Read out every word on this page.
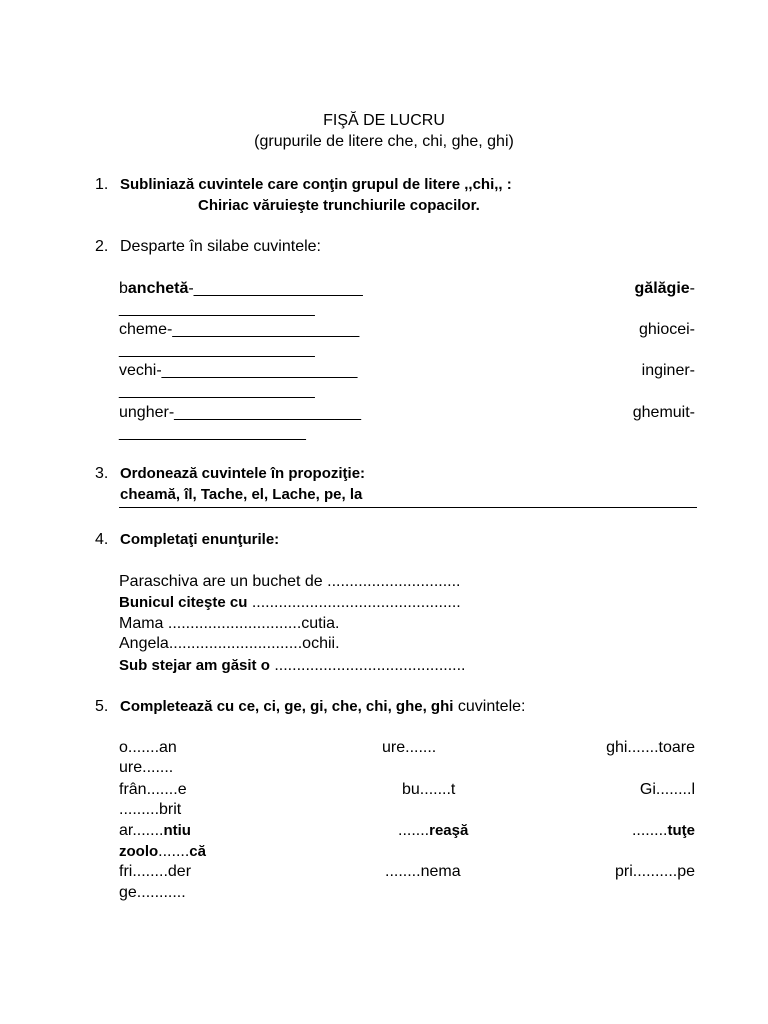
FIŞĂ DE LUCRU
(grupurile de litere che, chi, ghe, ghi)
1. Subliniază cuvintele care conţin grupul de litere ,,chi,, :
Chiriac văruieşte trunchiurile copacilor.
2. Desparte în silabe cuvintele:
banchetă-___________________	gălăgie-
______________________
cheme-_____________________	ghiocei-
______________________
vechi-______________________	inginer-
______________________
ungher-_____________________	ghemuit-
_____________________
3. Ordonează cuvintele în propoziţie:
cheamă, îl, Tache, el, Lache, pe, la
4. Completaţi enunţurile:
Paraschiva are un buchet de ..............................
Bunicul citeşte cu ...............................................
Mama ..............................cutia.
Angela..............................ochii.
Sub stejar am găsit o ...........................................
5. Completează cu ce, ci, ge, gi, che, chi, ghe, ghi cuvintele:
o.......an	ure.......	ghi.......toare
ure.......
frân.......e	bu.......t	Gi........l
.........brit
ar.......ntiu	.......reaşă	........tuţe
zoolo.......că
fri........der	........nema	pri..........pe
ge...........
